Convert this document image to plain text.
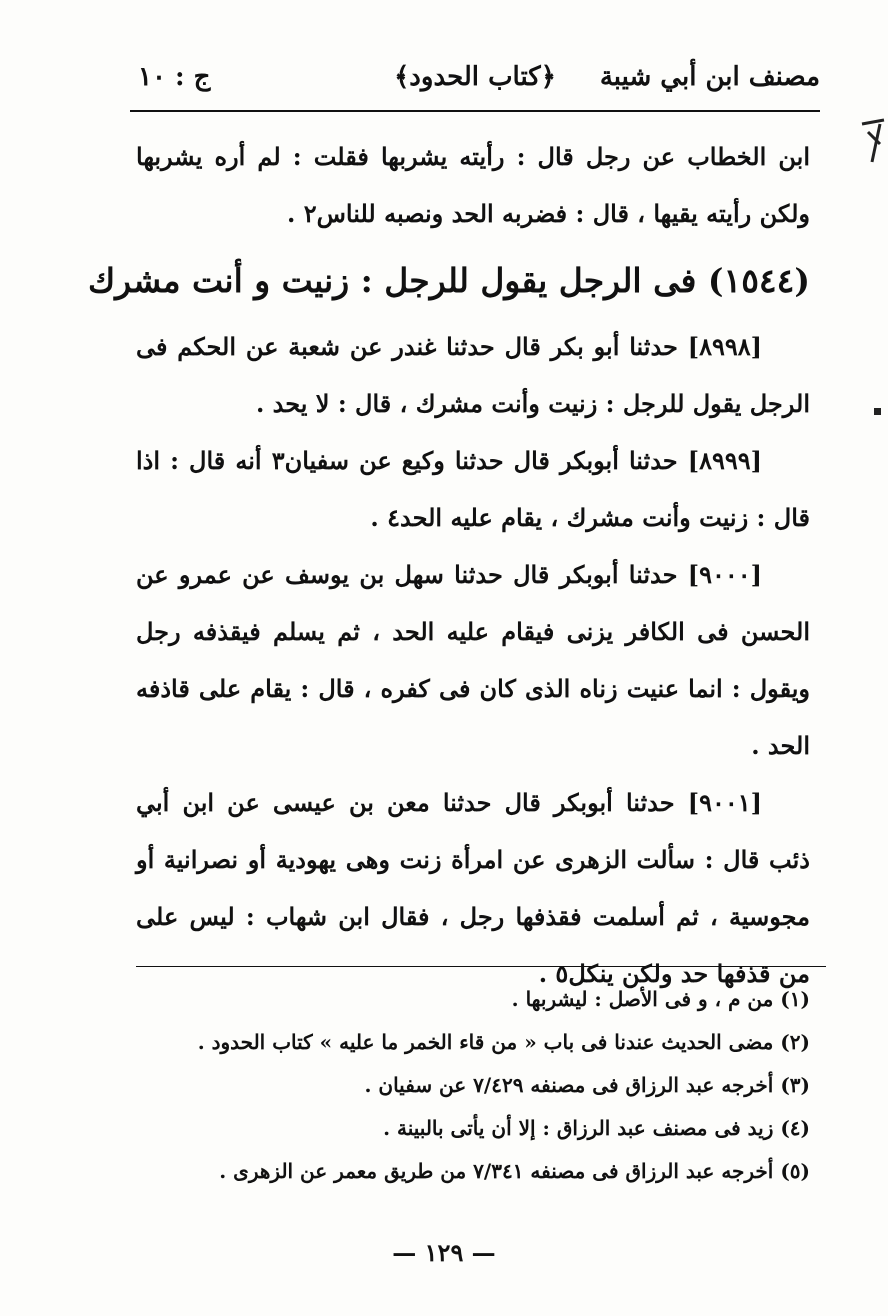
مصنف ابن أبي شيبة
﴿كتاب الحدود﴾
ج : ١٠

ابن الخطاب عن رجل قال : رأيته يشربها فقلت : لم أره يشربها ولكن رأيته يقيها ، قال : فضربه الحد ونصبه للناس٢ .

(١٥٤٤) فى الرجل يقول للرجل : زنيت و أنت مشرك

[٨٩٩٨] حدثنا أبو بكر قال حدثنا غندر عن شعبة عن الحكم فى الرجل يقول للرجل : زنيت وأنت مشرك ، قال : لا يحد .

[٨٩٩٩] حدثنا أبوبكر قال حدثنا وكيع عن سفيان٣ أنه قال : اذا قال : زنيت وأنت مشرك ، يقام عليه الحد٤ .

[٩٠٠٠] حدثنا أبوبكر قال حدثنا سهل بن يوسف عن عمرو عن الحسن فى الكافر يزنى فيقام عليه الحد ، ثم يسلم فيقذفه رجل ويقول : انما عنيت زناه الذى كان فى كفره ، قال : يقام على قاذفه الحد .

[٩٠٠١] حدثنا أبوبكر قال حدثنا معن بن عيسى عن ابن أبي ذئب قال : سألت الزهرى عن امرأة زنت وهى يهودية أو نصرانية أو مجوسية ، ثم أسلمت فقذفها رجل ، فقال ابن شهاب : ليس على من قذفها حد ولكن ينكل٥ .

(١) من م ، و فى الأصل : ليشربها .

(٢) مضى الحديث عندنا فى باب « من قاء الخمر ما عليه » كتاب الحدود .

(٣) أخرجه عبد الرزاق فى مصنفه ٧/٤٢٩ عن سفيان .

(٤) زيد فى مصنف عبد الرزاق : إلا أن يأتى بالبينة .

(٥) أخرجه عبد الرزاق فى مصنفه ٧/٣٤١ من طريق معمر عن الزهرى .

— ١٢٩ —
